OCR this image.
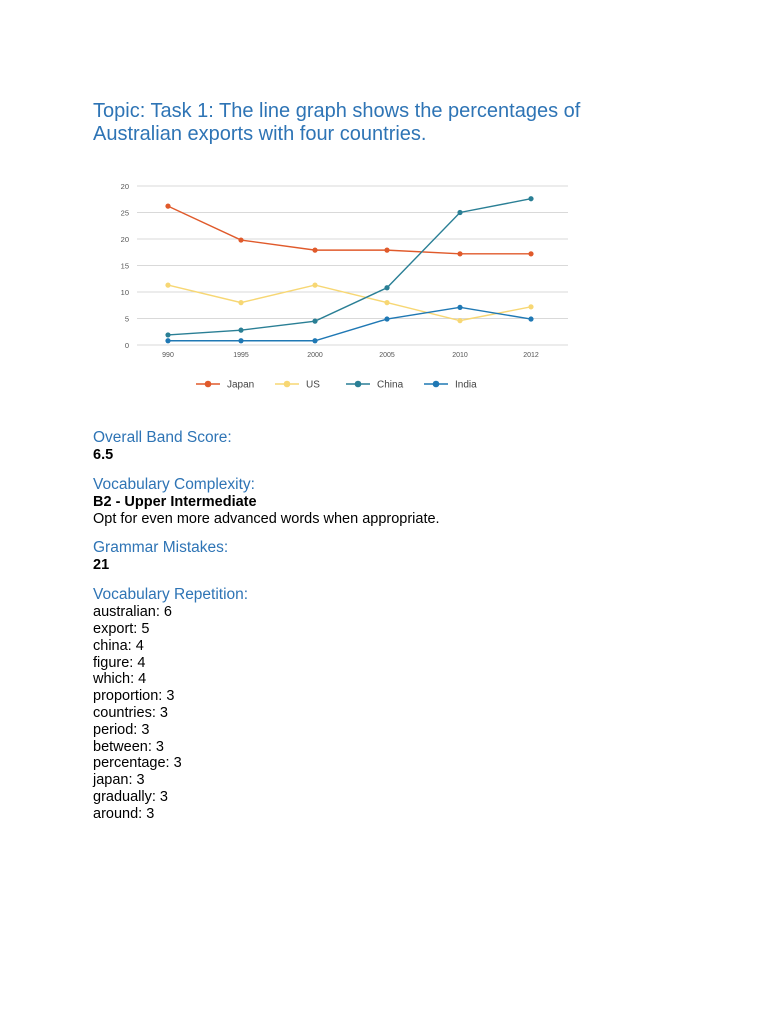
Topic: Task 1: The line graph shows the percentages of Australian exports with four countries.
0
5
10
15
20
25
20
990	1995	2000	2005	2010	2012
Japan	US	China	India
Overall Band Score:
6.5
Vocabulary Complexity:
B2 - Upper Intermediate
Opt for even more advanced words when appropriate.
Grammar Mistakes:
21
Vocabulary Repetition:
australian: 6
export: 5
china: 4
figure: 4
which: 4
proportion: 3
countries: 3
period: 3
between: 3
percentage: 3
japan: 3
gradually: 3
around: 3
